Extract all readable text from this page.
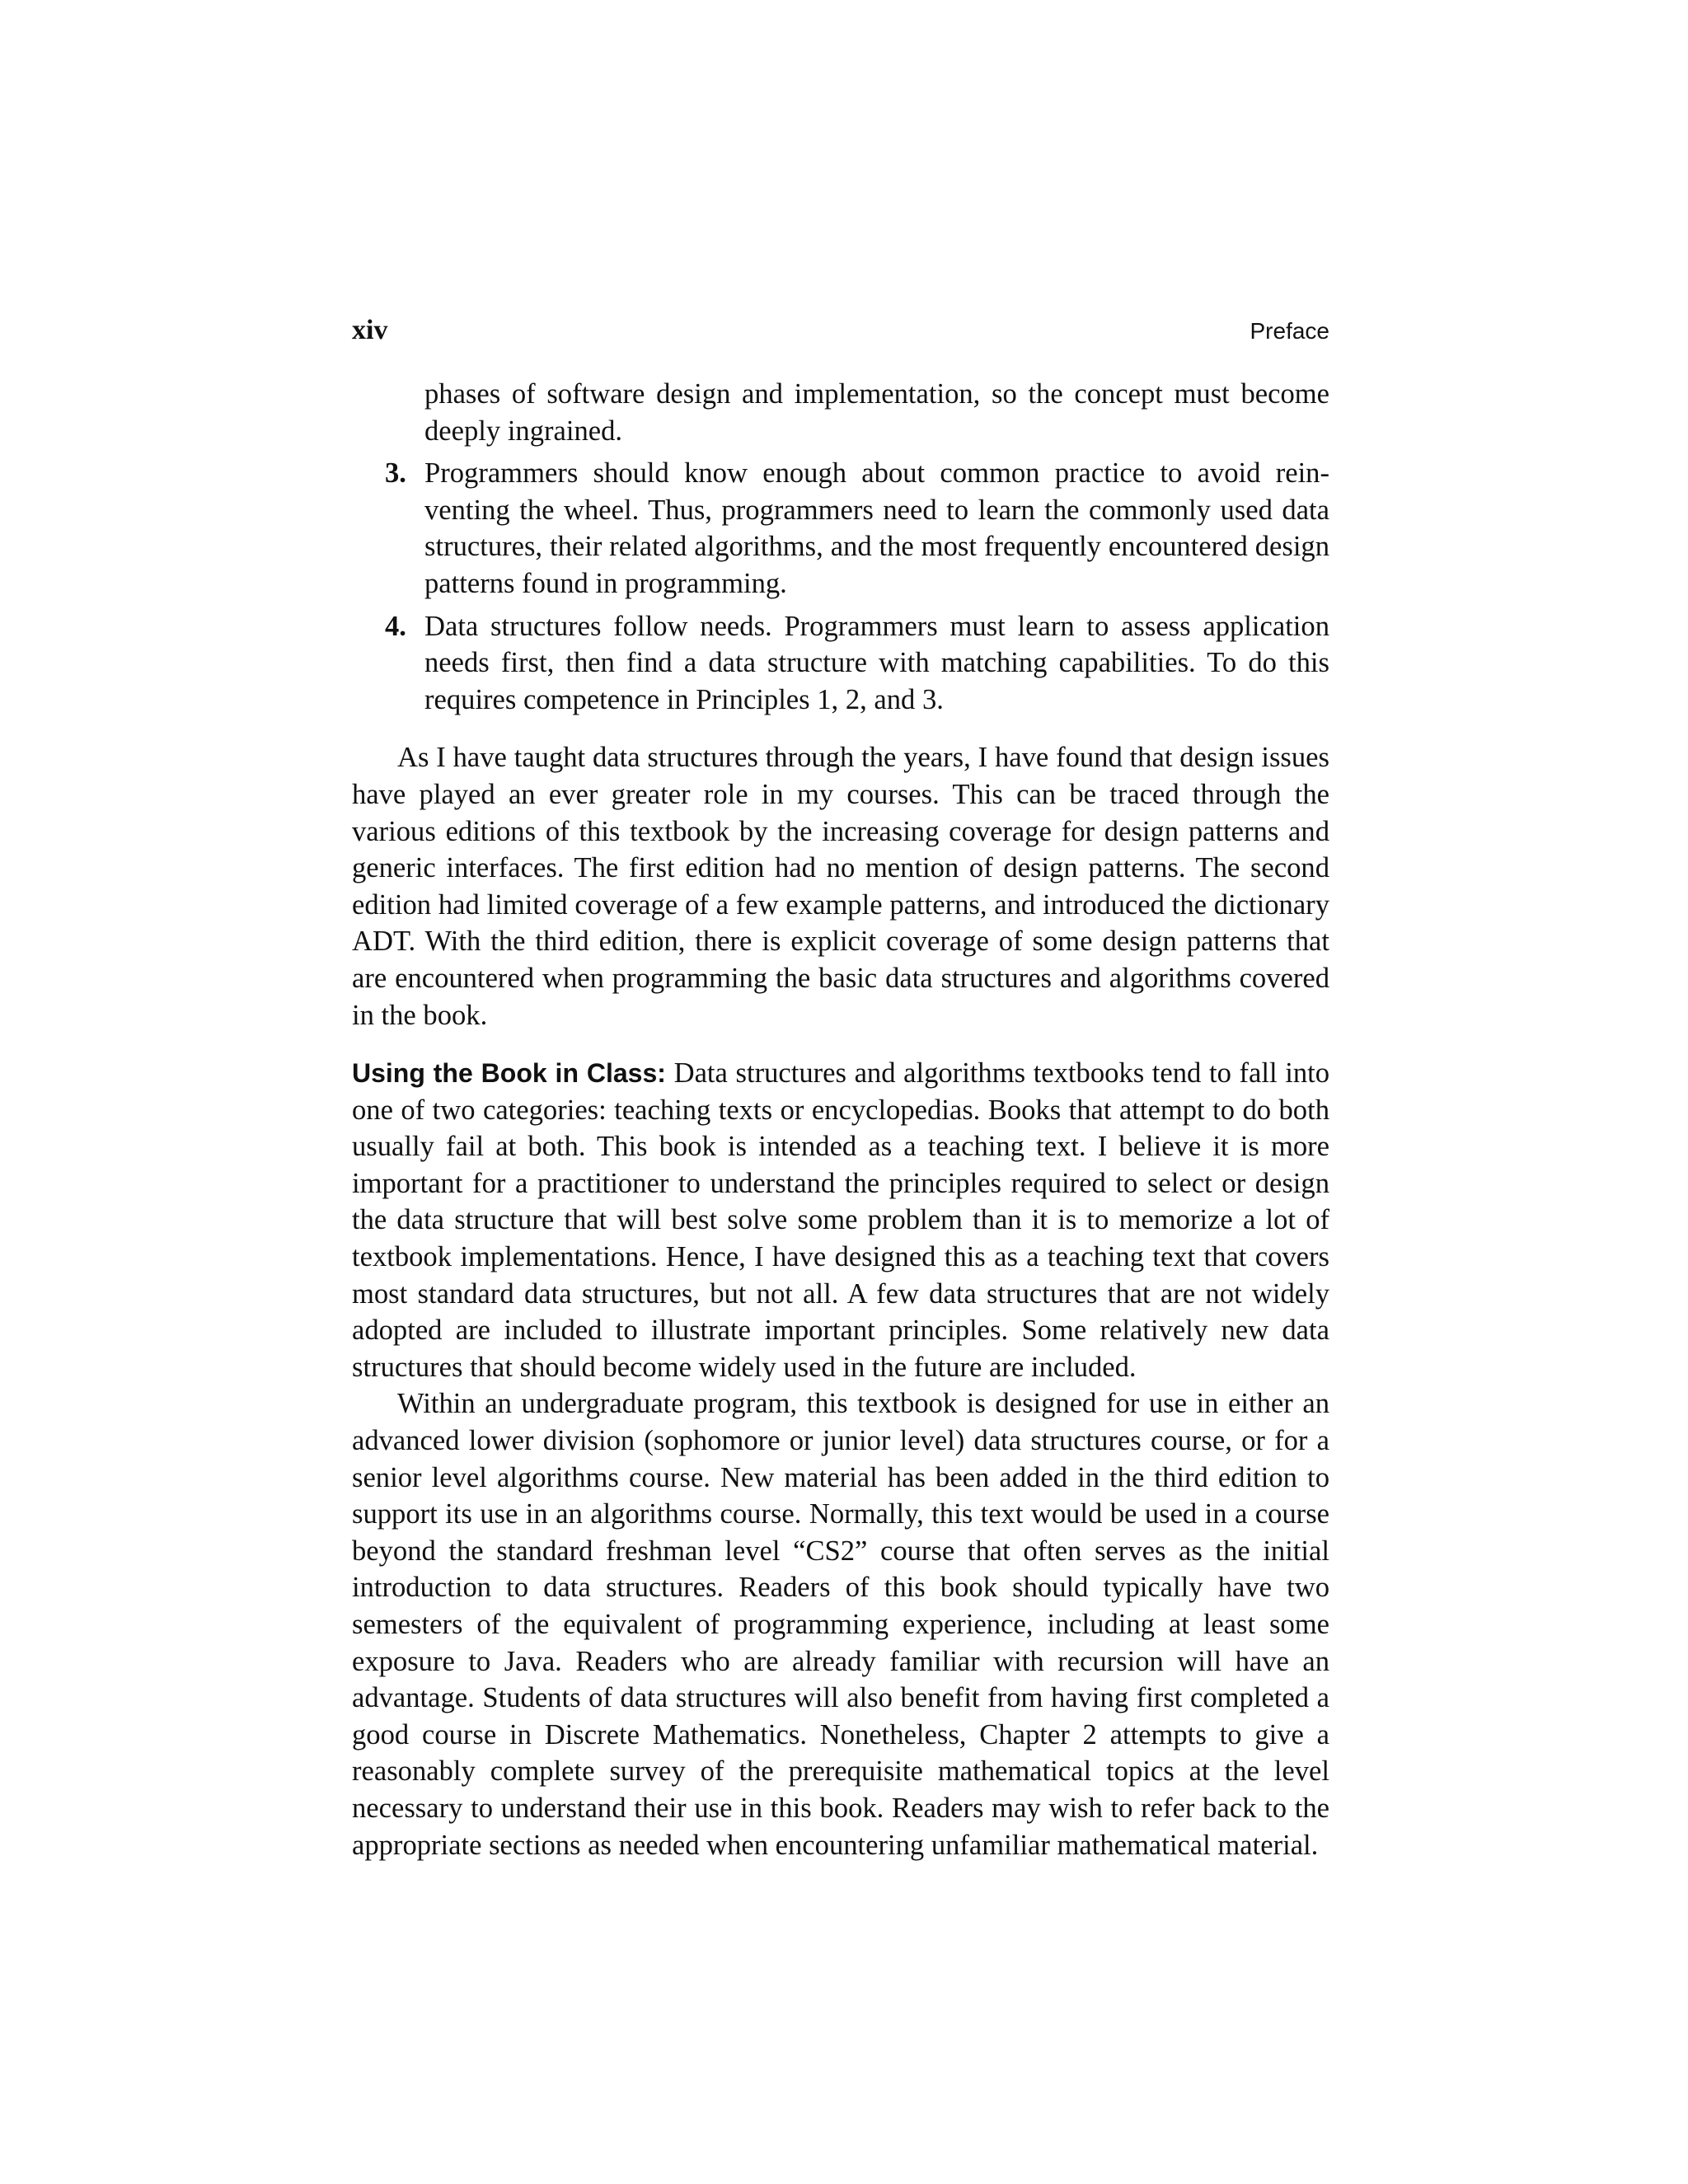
xiv	Preface
phases of software design and implementation, so the concept must become deeply ingrained.
3. Programmers should know enough about common practice to avoid reinventing the wheel. Thus, programmers need to learn the commonly used data structures, their related algorithms, and the most frequently encountered design patterns found in programming.
4. Data structures follow needs. Programmers must learn to assess application needs first, then find a data structure with matching capabilities. To do this requires competence in Principles 1, 2, and 3.

As I have taught data structures through the years, I have found that design issues have played an ever greater role in my courses. This can be traced through the various editions of this textbook by the increasing coverage for design patterns and generic interfaces. The first edition had no mention of design patterns. The second edition had limited coverage of a few example patterns, and introduced the dictionary ADT. With the third edition, there is explicit coverage of some design patterns that are encountered when programming the basic data structures and algorithms covered in the book.

Using the Book in Class: Data structures and algorithms textbooks tend to fall into one of two categories: teaching texts or encyclopedias. Books that attempt to do both usually fail at both. This book is intended as a teaching text. I believe it is more important for a practitioner to understand the principles required to select or design the data structure that will best solve some problem than it is to memorize a lot of textbook implementations. Hence, I have designed this as a teaching text that covers most standard data structures, but not all. A few data structures that are not widely adopted are included to illustrate important principles. Some relatively new data structures that should become widely used in the future are included.

Within an undergraduate program, this textbook is designed for use in either an advanced lower division (sophomore or junior level) data structures course, or for a senior level algorithms course. New material has been added in the third edition to support its use in an algorithms course. Normally, this text would be used in a course beyond the standard freshman level “CS2” course that often serves as the initial introduction to data structures. Readers of this book should typically have two semesters of the equivalent of programming experience, including at least some exposure to Java. Readers who are already familiar with recursion will have an advantage. Students of data structures will also benefit from having first completed a good course in Discrete Mathematics. Nonetheless, Chapter 2 attempts to give a reasonably complete survey of the prerequisite mathematical topics at the level necessary to understand their use in this book. Readers may wish to refer back to the appropriate sections as needed when encountering unfamiliar mathematical material.
